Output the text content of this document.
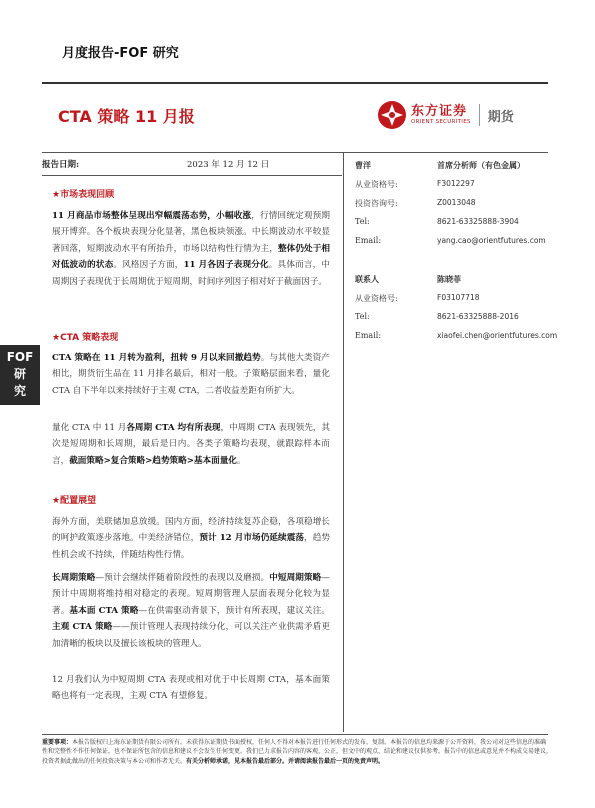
月度报告-FOF 研究
CTA 策略 11 月报	东方证券
ORIENT SECURITIES 期货
报告日期:	2023 年 12 月 12 日
FOF
研
究
★市场表现回顾
11 月商品市场整体呈现出窄幅震荡态势，小幅收涨，行情回统定观预期展开博弈。各个板块表现分化显著，黑色板块领涨。中长期波动水平较显著回落，短期波动水平有所抬升，市场以结构性行情为主，整体仍处于相对低波动的状态。风格因子方面，11 月各因子表现分化。具体而言，中周期因子表现优于长周期优于短周期，时间序列因子相对好于截面因子。
★CTA 策略表现
CTA 策略在 11 月转为盈利，扭转 9 月以来回撤趋势。与其他大类资产相比，期货衍生品在 11 月排名最后，相对一般。子策略层面来看，量化 CTA 自下半年以来持续好于主观 CTA，二者收益差距有所扩大。
量化 CTA 中 11 月各周期 CTA 均有所表现，中周期 CTA 表现领先，其次是短周期和长周期，最后是日内。各类子策略均表现，就跟踪样本而言，截面策略>复合策略>趋势策略>基本面量化。
★配置展望
海外方面，美联储加息放缓。国内方面，经济持续复苏企稳，各项稳增长的呵护政策逐步落地。中美经济错位，预计 12 月市场仍延续震荡，趋势性机会或不持续，伴随结构性行情。
长周期策略—预计会继续伴随着阶段性的表现以及磨损。中短周期策略—预计中周期将维持相对稳定的表现。短周期管理人层面表现分化较为显著。基本面 CTA 策略—在供需驱动背景下，预计有所表现，建议关注。主观 CTA 策略——预计管理人表现持续分化，可以关注产业供需矛盾更加清晰的板块以及擅长该板块的管理人。
12 月我们认为中短周期 CTA 表现或相对优于中长周期 CTA，基本面策略也将有一定表现，主观 CTA 有望修复。
曹洋	首席分析师（有色金属）
从业资格号:	F3012297
投资咨询号:	Z0013048
Tel:	8621-63325888-3904
Email:	yang.cao@orientfutures.com
联系人	陈晓菲
从业资格号:	F03107718
Tel:	8621-63325888-2016
Email:	xiaofei.chen@orientfutures.com
重要事项：本报告版权归上海东证期货有限公司所有。未获得东证期货书面授权，任何人不得对本报告进行任何形式的发布、复制。本报告的信息均来源于公开资料，我公司对这些信息的准确性和完整性不作任何保证，也不保证所包含的信息和建议不会发生任何变更。我们已力求报告内容的客观、公正，但文中的观点、结论和建议仅供参考，报告中的信息或意见并不构成交易建议，投资者据此做出的任何投资决策与本公司和作者无关。有关分析师承诺，见本报告最后部分。并请阅读报告最后一页的免责声明。
